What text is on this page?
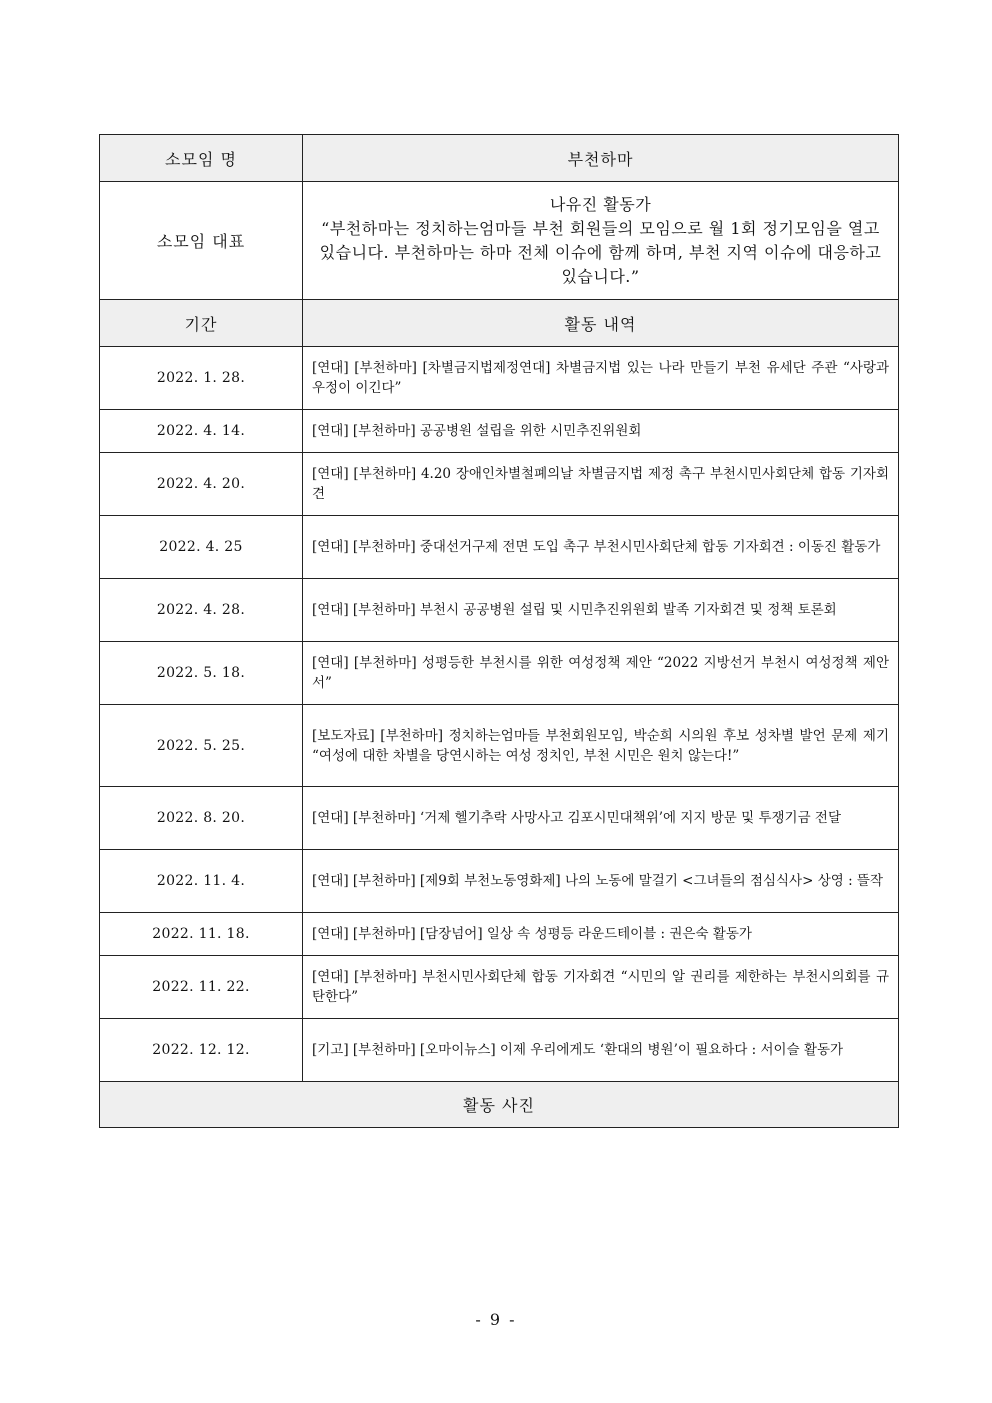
소모임 명	부천하마
소모임 대표	나유진 활동가
“부천하마는 정치하는엄마들 부천 회원들의 모임으로 월 1회 정기모임을 열고 있습니다. 부천하마는 하마 전체 이슈에 함께 하며, 부천 지역 이슈에 대응하고 있습니다.”

기간	활동 내역
2022. 1. 28.	[연대] [부천하마] [차별금지법제정연대] 차별금지법 있는 나라 만들기 부천 유세단 주관 “사랑과 우정이 이긴다”
2022. 4. 14.	[연대] [부천하마] 공공병원 설립을 위한 시민추진위원회
2022. 4. 20.	[연대] [부천하마] 4.20 장애인차별철폐의날 차별금지법 제정 촉구 부천시민사회단체 합동 기자회견
2022. 4. 25	[연대] [부천하마] 중대선거구제 전면 도입 촉구 부천시민사회단체 합동 기자회견 : 이동진 활동가
2022. 4. 28.	[연대] [부천하마] 부천시 공공병원 설립 및 시민추진위원회 발족 기자회견 및 정책 토론회
2022. 5. 18.	[연대] [부천하마] 성평등한 부천시를 위한 여성정책 제안 “2022 지방선거 부천시 여성정책 제안서”
2022. 5. 25.	[보도자료] [부천하마] 정치하는엄마들 부천회원모임, 박순희 시의원 후보 성차별 발언 문제 제기 “여성에 대한 차별을 당연시하는 여성 정치인, 부천 시민은 원치 않는다!”
2022. 8. 20.	[연대] [부천하마] ‘거제 헬기추락 사망사고 김포시민대책위’에 지지 방문 및 투쟁기금 전달
2022. 11. 4.	[연대] [부천하마] [제9회 부천노동영화제] 나의 노동에 말걸기 <그녀들의 점심식사> 상영 : 뜰작
2022. 11. 18.	[연대] [부천하마] [담장넘어] 일상 속 성평등 라운드테이블 : 권은숙 활동가
2022. 11. 22.	[연대] [부천하마] 부천시민사회단체 합동 기자회견 “시민의 알 권리를 제한하는 부천시의회를 규탄한다”
2022. 12. 12.	[기고] [부천하마] [오마이뉴스] 이제 우리에게도 ‘환대의 병원’이 필요하다 : 서이슬 활동가
활동 사진	
- 9 -
